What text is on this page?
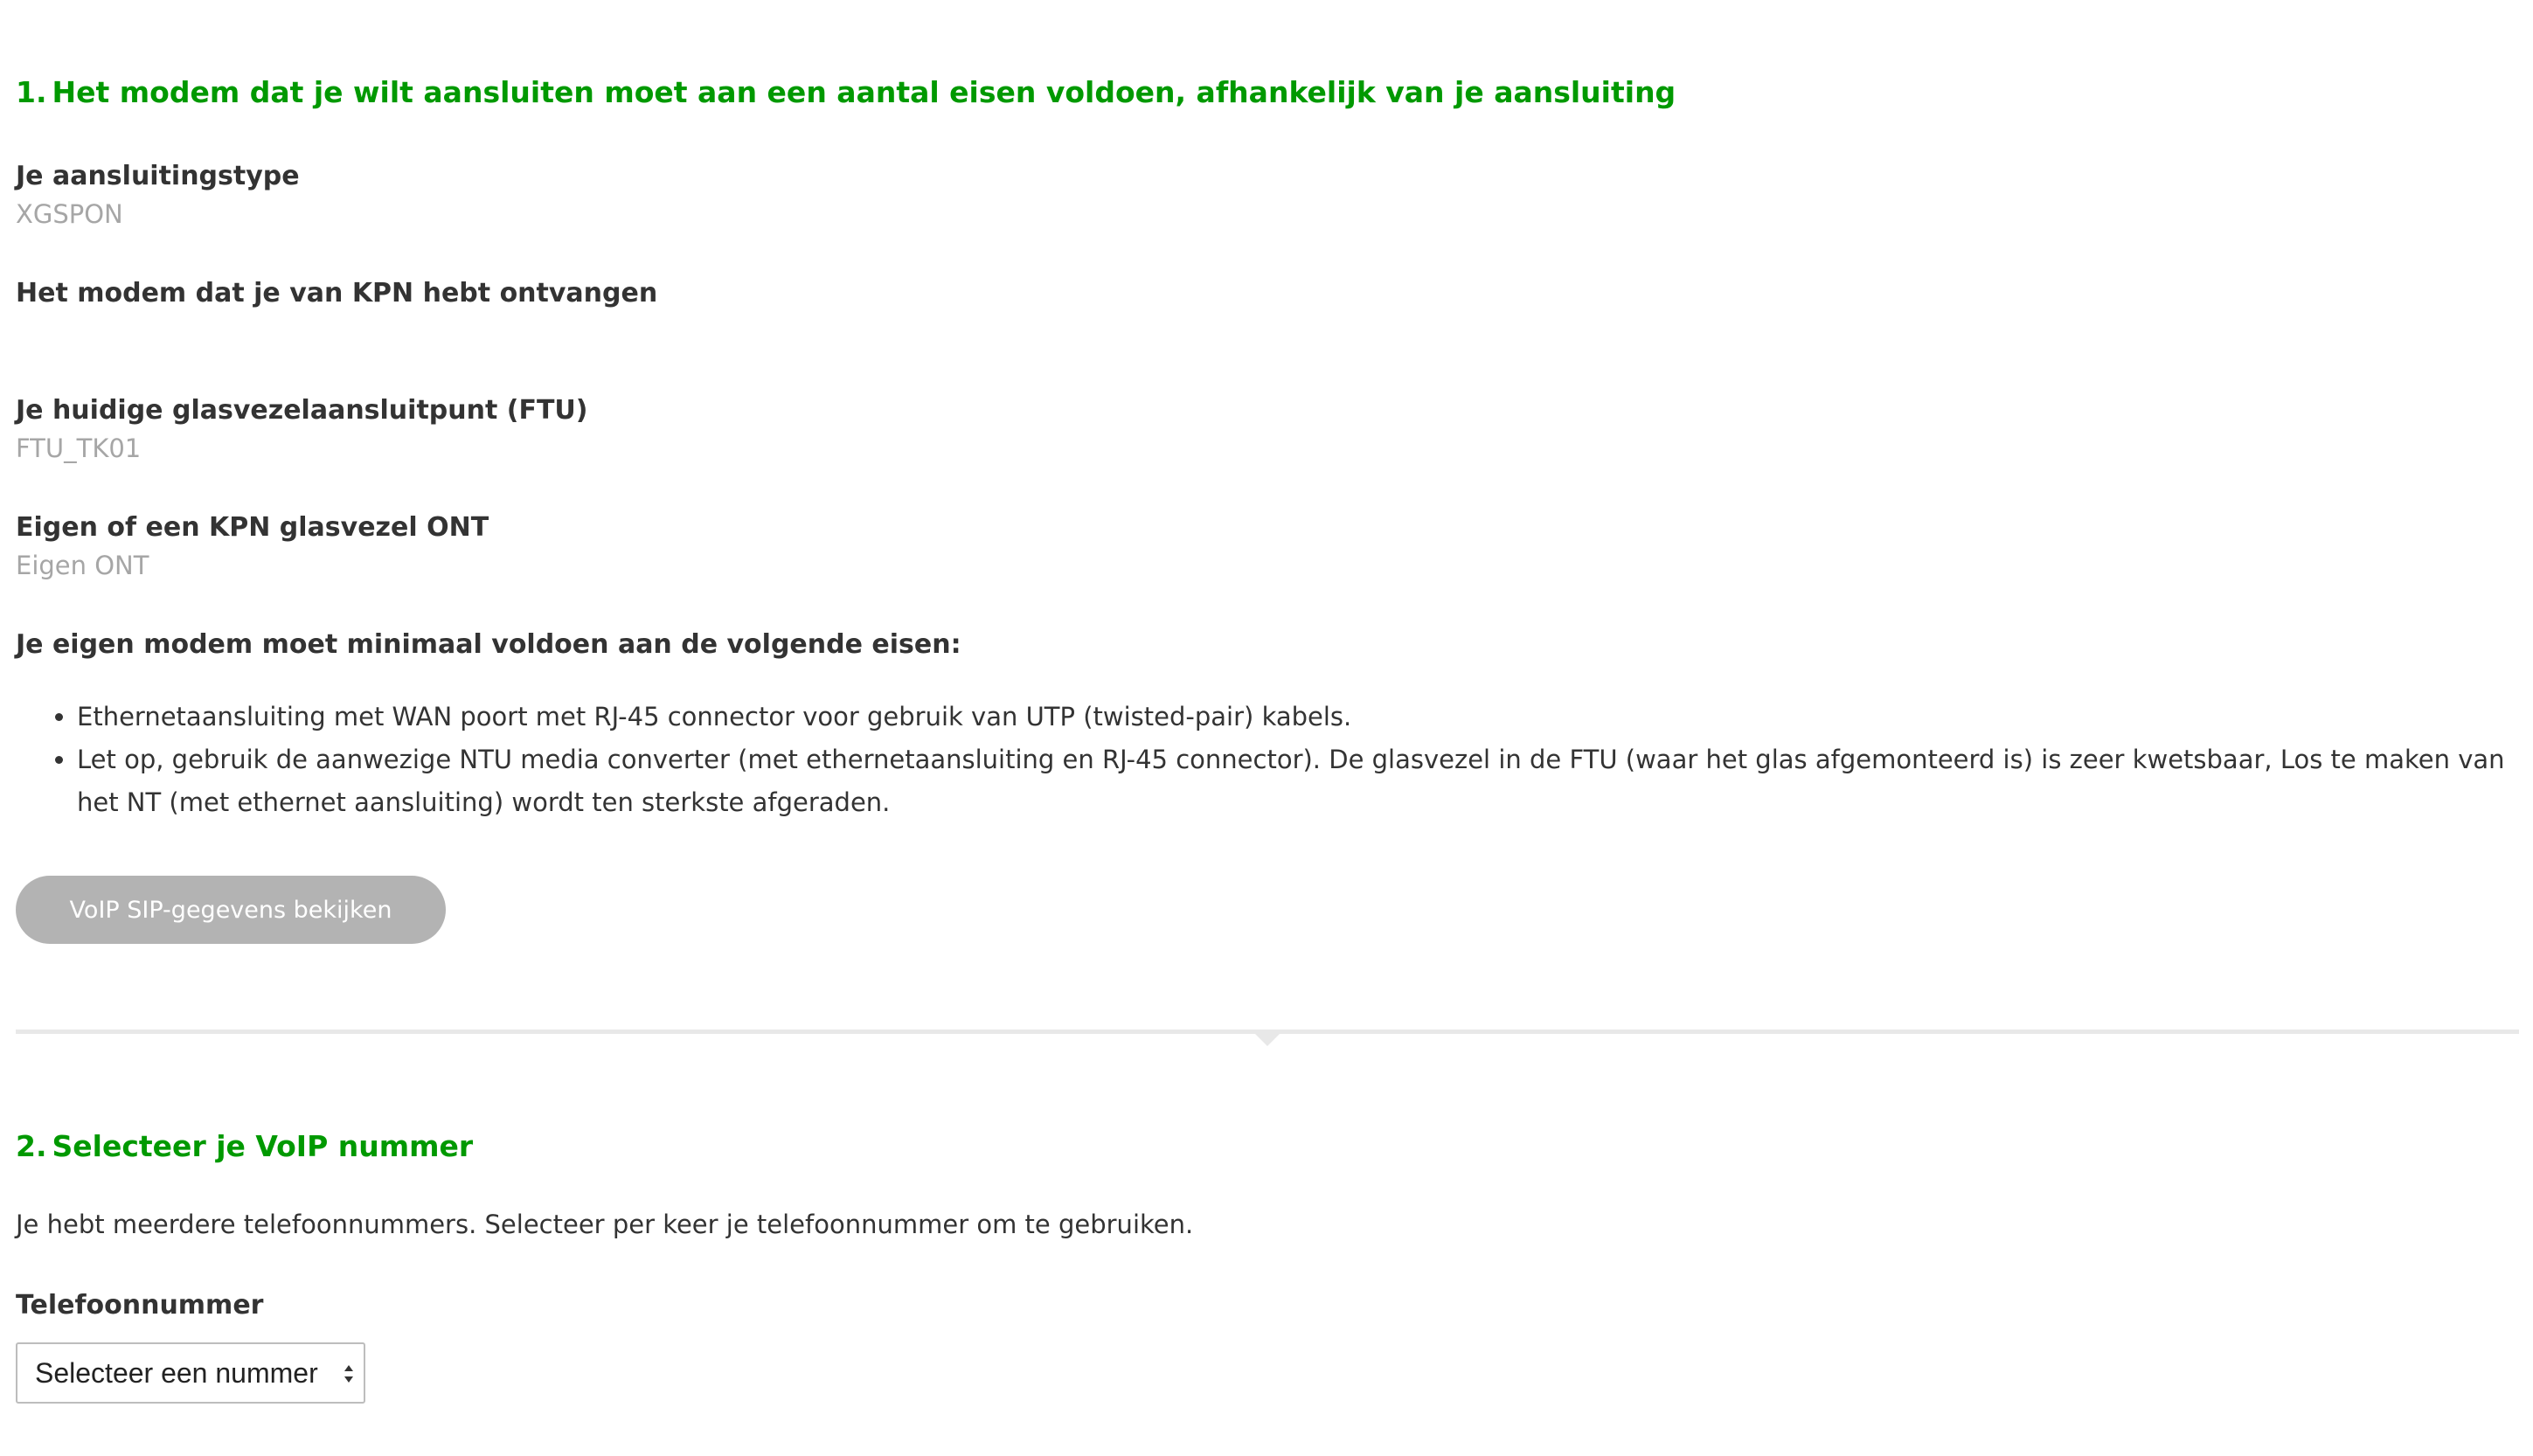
1. Het modem dat je wilt aansluiten moet aan een aantal eisen voldoen, afhankelijk van je aansluiting
Je aansluitingstype
XGSPON
Het modem dat je van KPN hebt ontvangen
Je huidige glasvezelaansluitpunt (FTU)
FTU_TK01
Eigen of een KPN glasvezel ONT
Eigen ONT
Je eigen modem moet minimaal voldoen aan de volgende eisen:
• Ethernetaansluiting met WAN poort met RJ-45 connector voor gebruik van UTP (twisted-pair) kabels.
• Let op, gebruik de aanwezige NTU media converter (met ethernetaansluiting en RJ-45 connector). De glasvezel in de FTU (waar het glas afgemonteerd is) is zeer kwetsbaar, Los te maken van het NT (met ethernet aansluiting) wordt ten sterkste afgeraden.
VoIP SIP-gegevens bekijken
2. Selecteer je VoIP nummer
Je hebt meerdere telefoonnummers. Selecteer per keer je telefoonnummer om te gebruiken.
Telefoonnummer
Selecteer een nummer
